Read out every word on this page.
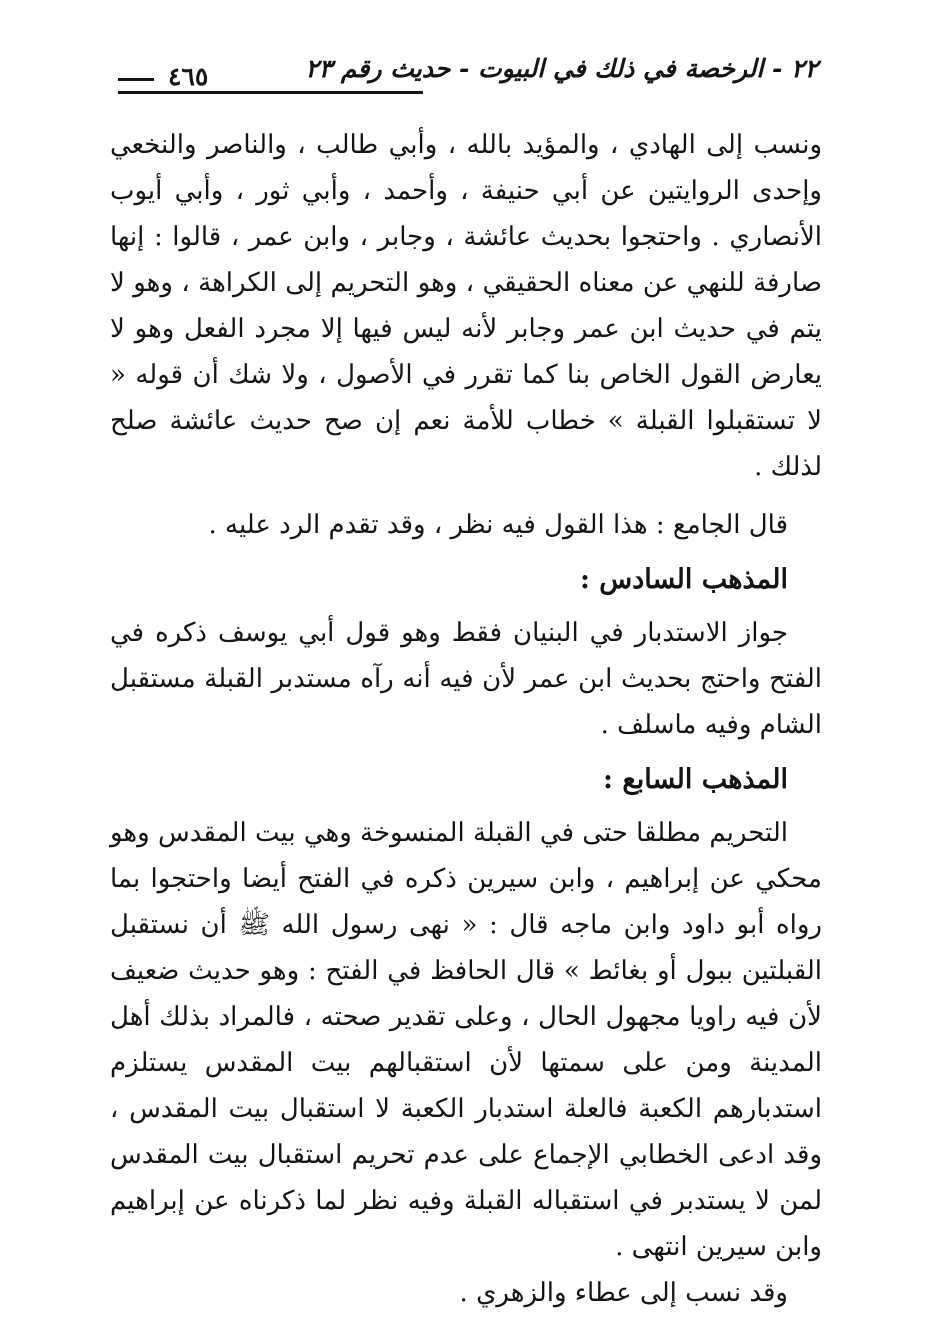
٢٢ - الرخصة في ذلك في البيوت - حديث رقم ٢٣
٤٦٥

ونسب إلى الهادي ، والمؤيد بالله ، وأبي طالب ، والناصر والنخعي وإحدى الروايتين عن أبي حنيفة ، وأحمد ، وأبي ثور ، وأبي أيوب الأنصاري . واحتجوا بحديث عائشة ، وجابر ، وابن عمر ، قالوا : إنها صارفة للنهي عن معناه الحقيقي ، وهو التحريم إلى الكراهة ، وهو لا يتم في حديث ابن عمر وجابر لأنه ليس فيها إلا مجرد الفعل وهو لا يعارض القول الخاص بنا كما تقرر في الأصول ، ولا شك أن قوله « لا تستقبلوا القبلة » خطاب للأمة نعم إن صح حديث عائشة صلح لذلك .

قال الجامع : هذا القول فيه نظر ، وقد تقدم الرد عليه .

المذهب السادس :

جواز الاستدبار في البنيان فقط وهو قول أبي يوسف ذكره في الفتح واحتج بحديث ابن عمر لأن فيه أنه رآه مستدبر القبلة مستقبل الشام وفيه ماسلف .

المذهب السابع :

التحريم مطلقا حتى في القبلة المنسوخة وهي بيت المقدس وهو محكي عن إبراهيم ، وابن سيرين ذكره في الفتح أيضا واحتجوا بما رواه أبو داود وابن ماجه قال : « نهى رسول الله ﷺ أن نستقبل القبلتين ببول أو بغائط » قال الحافظ في الفتح : وهو حديث ضعيف لأن فيه راويا مجهول الحال ، وعلى تقدير صحته ، فالمراد بذلك أهل المدينة ومن على سمتها لأن استقبالهم بيت المقدس يستلزم استدبارهم الكعبة فالعلة استدبار الكعبة لا استقبال بيت المقدس ، وقد ادعى الخطابي الإجماع على عدم تحريم استقبال بيت المقدس لمن لا يستدبر في استقباله القبلة وفيه نظر لما ذكرناه عن إبراهيم وابن سيرين انتهى .

وقد نسب إلى عطاء والزهري .
